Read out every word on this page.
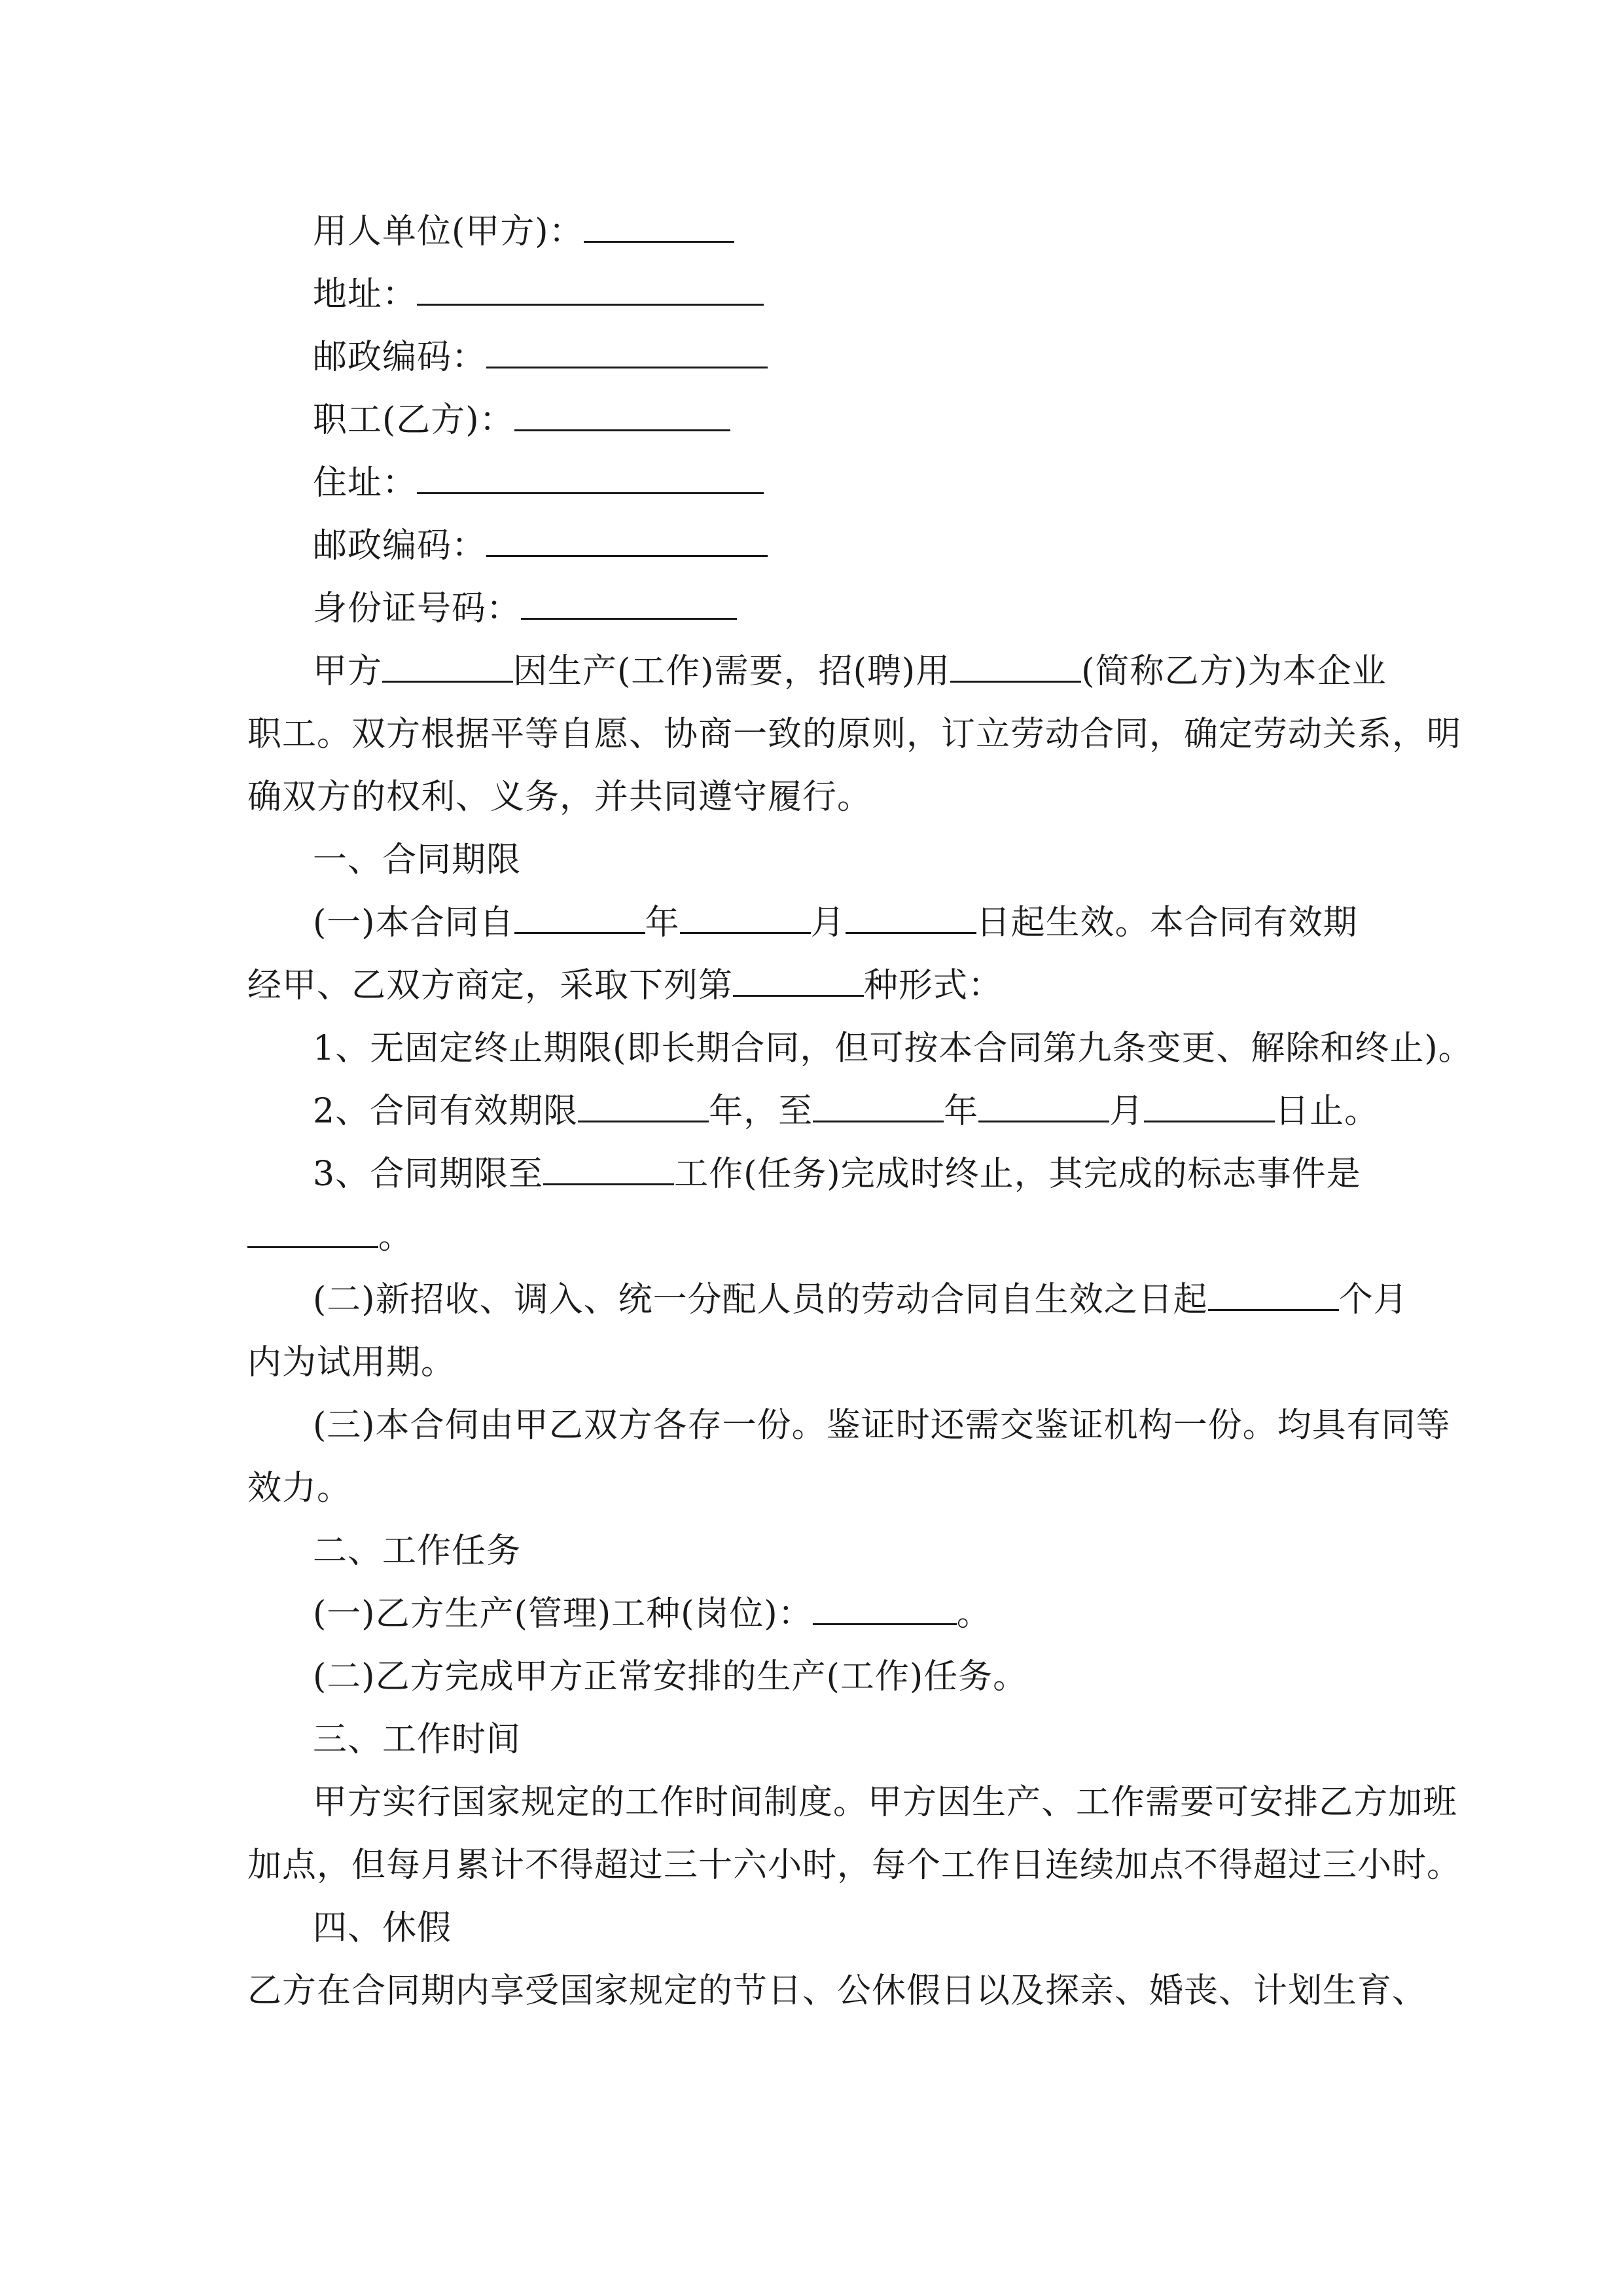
用人单位(甲方)：
地址：
邮政编码：
职工(乙方)：
住址：
邮政编码：
身份证号码：
甲方	因生产(工作)需要，招(聘)用	(简称乙方)为本企业
职工。双方根据平等自愿、协商一致的原则，订立劳动合同，确定劳动关系，明
确双方的权利、义务，并共同遵守履行。
一、合同期限
(一)本合同自	年	月	日起生效。本合同有效期
经甲、乙双方商定，采取下列第	种形式：
1、无固定终止期限(即长期合同，但可按本合同第九条变更、解除和终止)。
2、合同有效期限	年，至	年	月	日止。
3、合同期限至	工作(任务)完成时终止，其完成的标志事件是
。
(二)新招收、调入、统一分配人员的劳动合同自生效之日起	个月
内为试用期。
(三)本合伺由甲乙双方各存一份。鉴证时还需交鉴证机构一份。均具有同等
效力。
二、工作任务
(一)乙方生产(管理)工种(岗位)：	。
(二)乙方完成甲方正常安排的生产(工作)任务。
三、工作时间
甲方实行国家规定的工作时间制度。甲方因生产、工作需要可安排乙方加班
加点，但每月累计不得超过三十六小时，每个工作日连续加点不得超过三小时。
四、休假
乙方在合同期内享受国家规定的节日、公休假日以及探亲、婚丧、计划生育、
